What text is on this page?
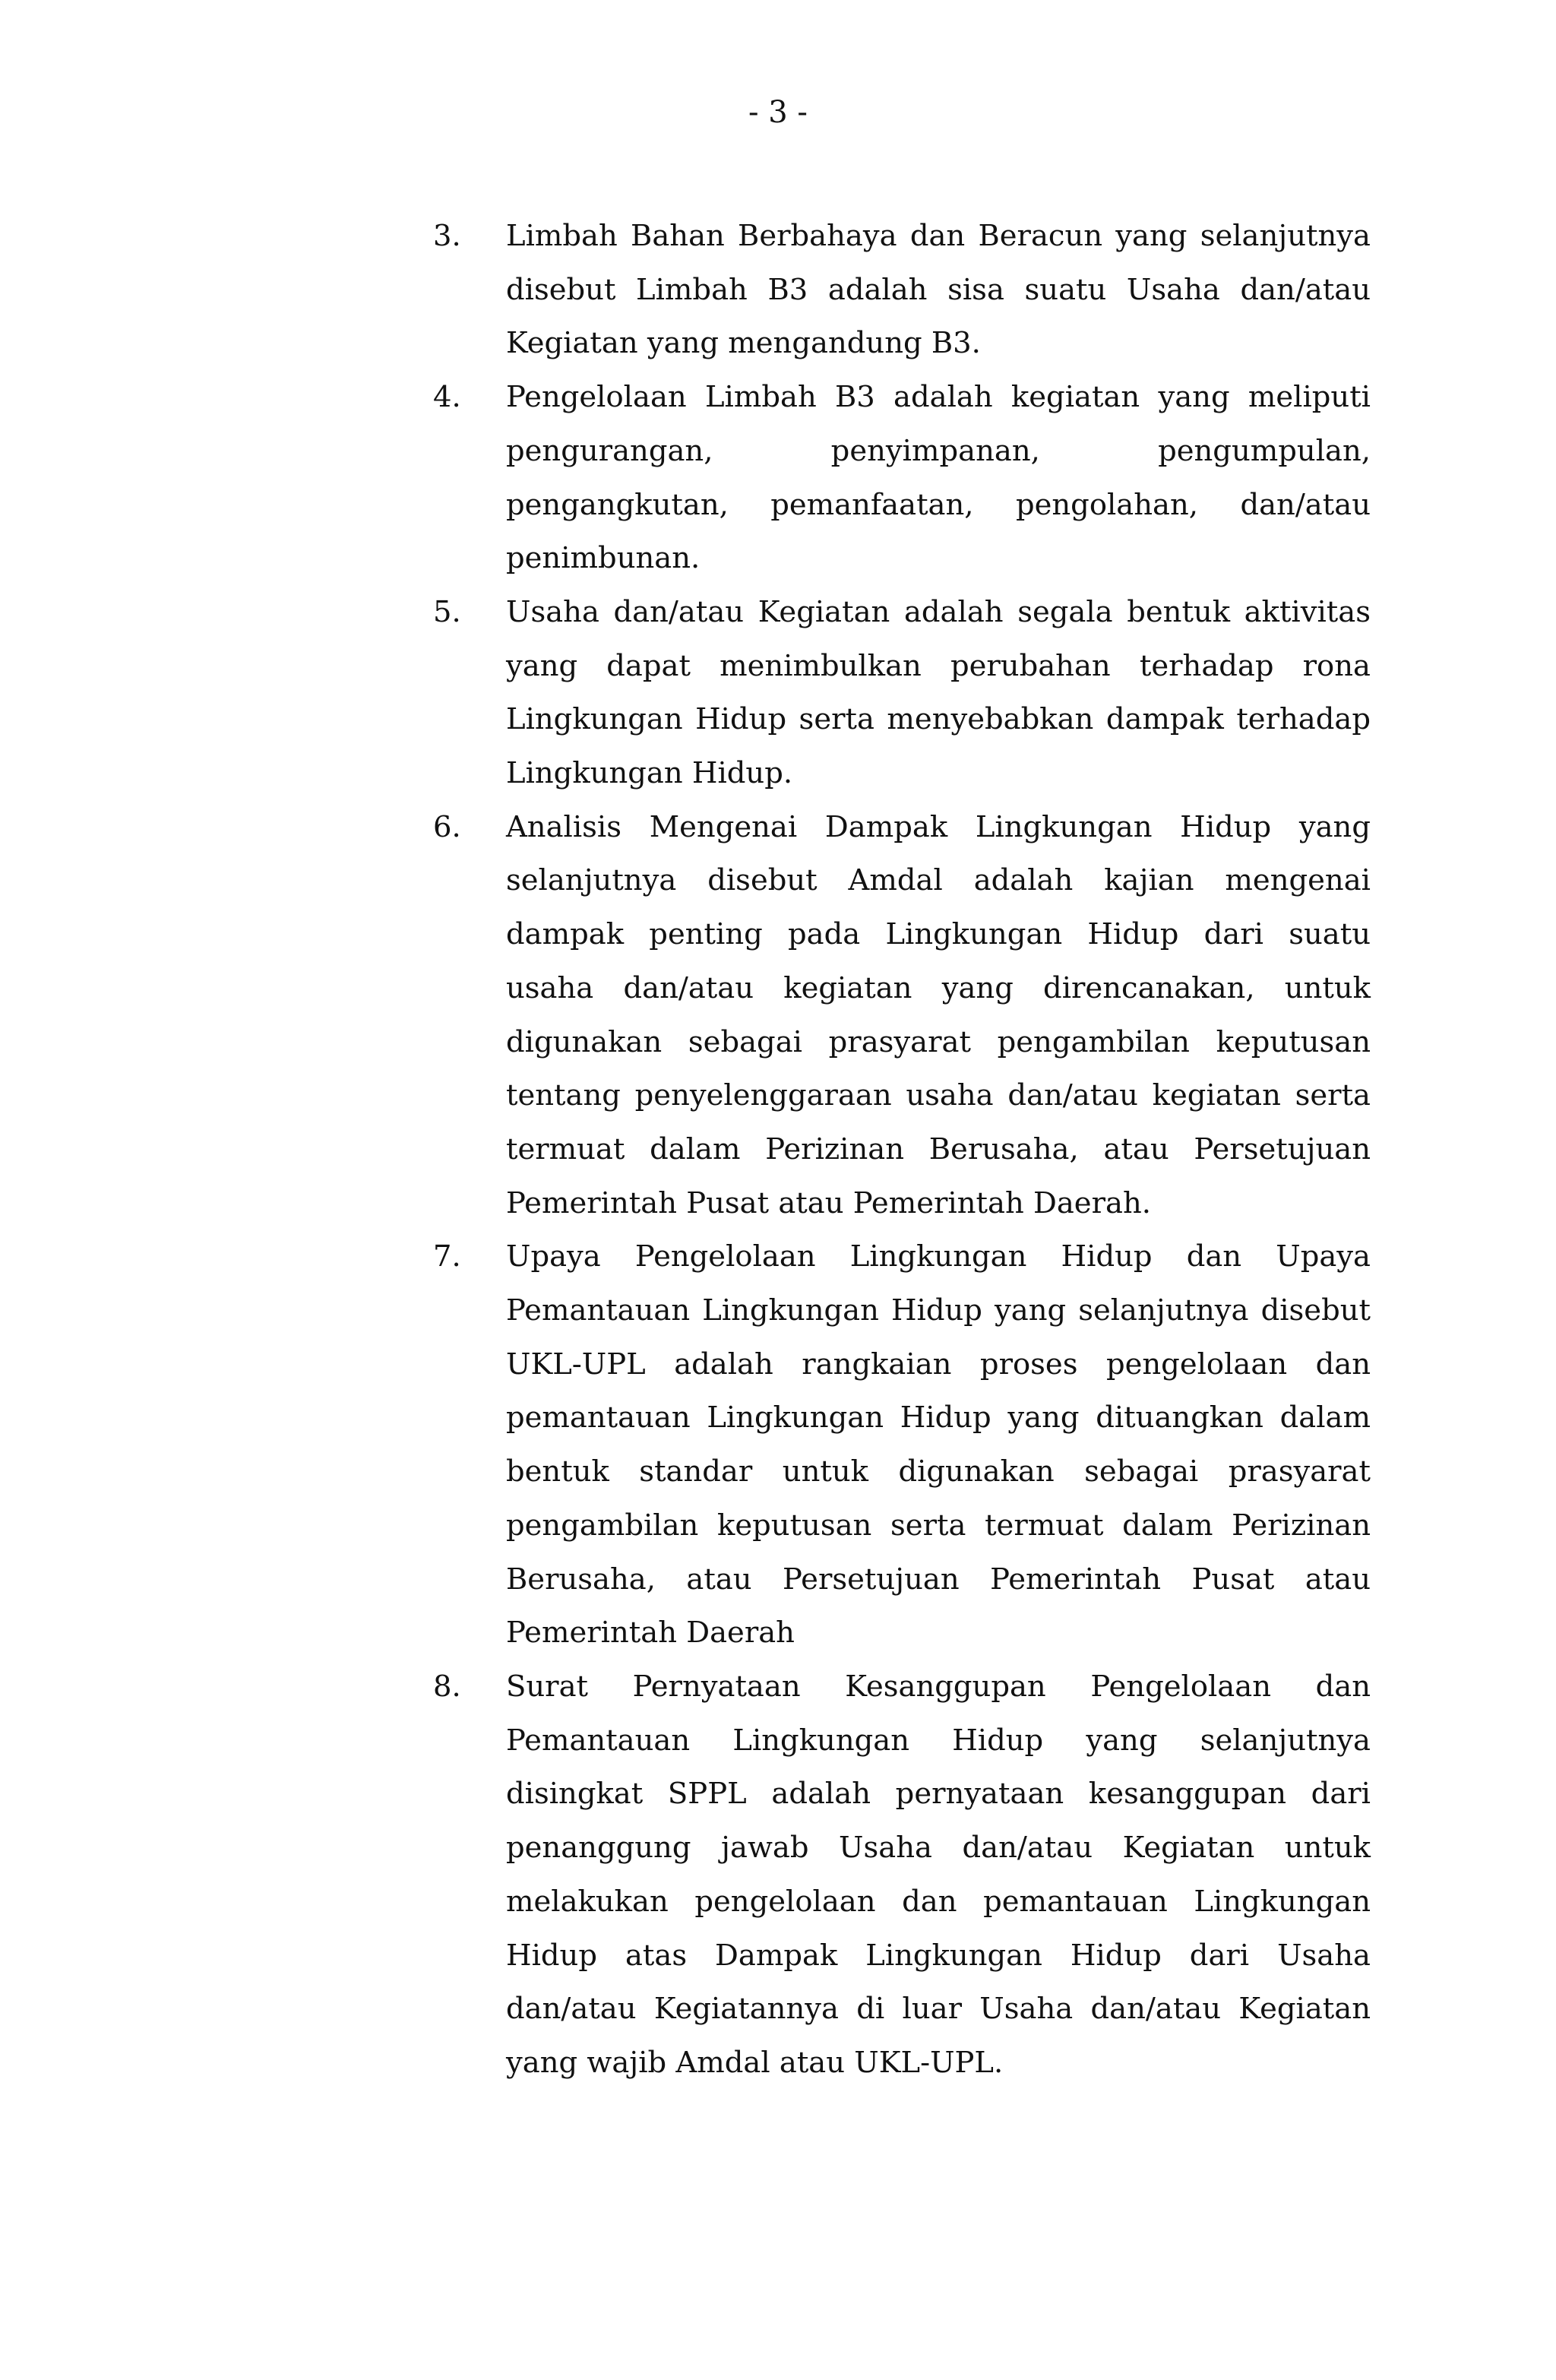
- 3 -
3. Limbah Bahan Berbahaya dan Beracun yang selanjutnya disebut Limbah B3 adalah sisa suatu Usaha dan/atau Kegiatan yang mengandung B3.
4. Pengelolaan Limbah B3 adalah kegiatan yang meliputi pengurangan, penyimpanan, pengumpulan, pengangkutan, pemanfaatan, pengolahan, dan/atau penimbunan.
5. Usaha dan/atau Kegiatan adalah segala bentuk aktivitas yang dapat menimbulkan perubahan terhadap rona Lingkungan Hidup serta menyebabkan dampak terhadap Lingkungan Hidup.
6. Analisis Mengenai Dampak Lingkungan Hidup yang selanjutnya disebut Amdal adalah kajian mengenai dampak penting pada Lingkungan Hidup dari suatu usaha dan/atau kegiatan yang direncanakan, untuk digunakan sebagai prasyarat pengambilan keputusan tentang penyelenggaraan usaha dan/atau kegiatan serta termuat dalam Perizinan Berusaha, atau Persetujuan Pemerintah Pusat atau Pemerintah Daerah.
7. Upaya Pengelolaan Lingkungan Hidup dan Upaya Pemantauan Lingkungan Hidup yang selanjutnya disebut UKL-UPL adalah rangkaian proses pengelolaan dan pemantauan Lingkungan Hidup yang dituangkan dalam bentuk standar untuk digunakan sebagai prasyarat pengambilan keputusan serta termuat dalam Perizinan Berusaha, atau Persetujuan Pemerintah Pusat atau Pemerintah Daerah
8. Surat Pernyataan Kesanggupan Pengelolaan dan Pemantauan Lingkungan Hidup yang selanjutnya disingkat SPPL adalah pernyataan kesanggupan dari penanggung jawab Usaha dan/atau Kegiatan untuk melakukan pengelolaan dan pemantauan Lingkungan Hidup atas Dampak Lingkungan Hidup dari Usaha dan/atau Kegiatannya di luar Usaha dan/atau Kegiatan yang wajib Amdal atau UKL-UPL.
